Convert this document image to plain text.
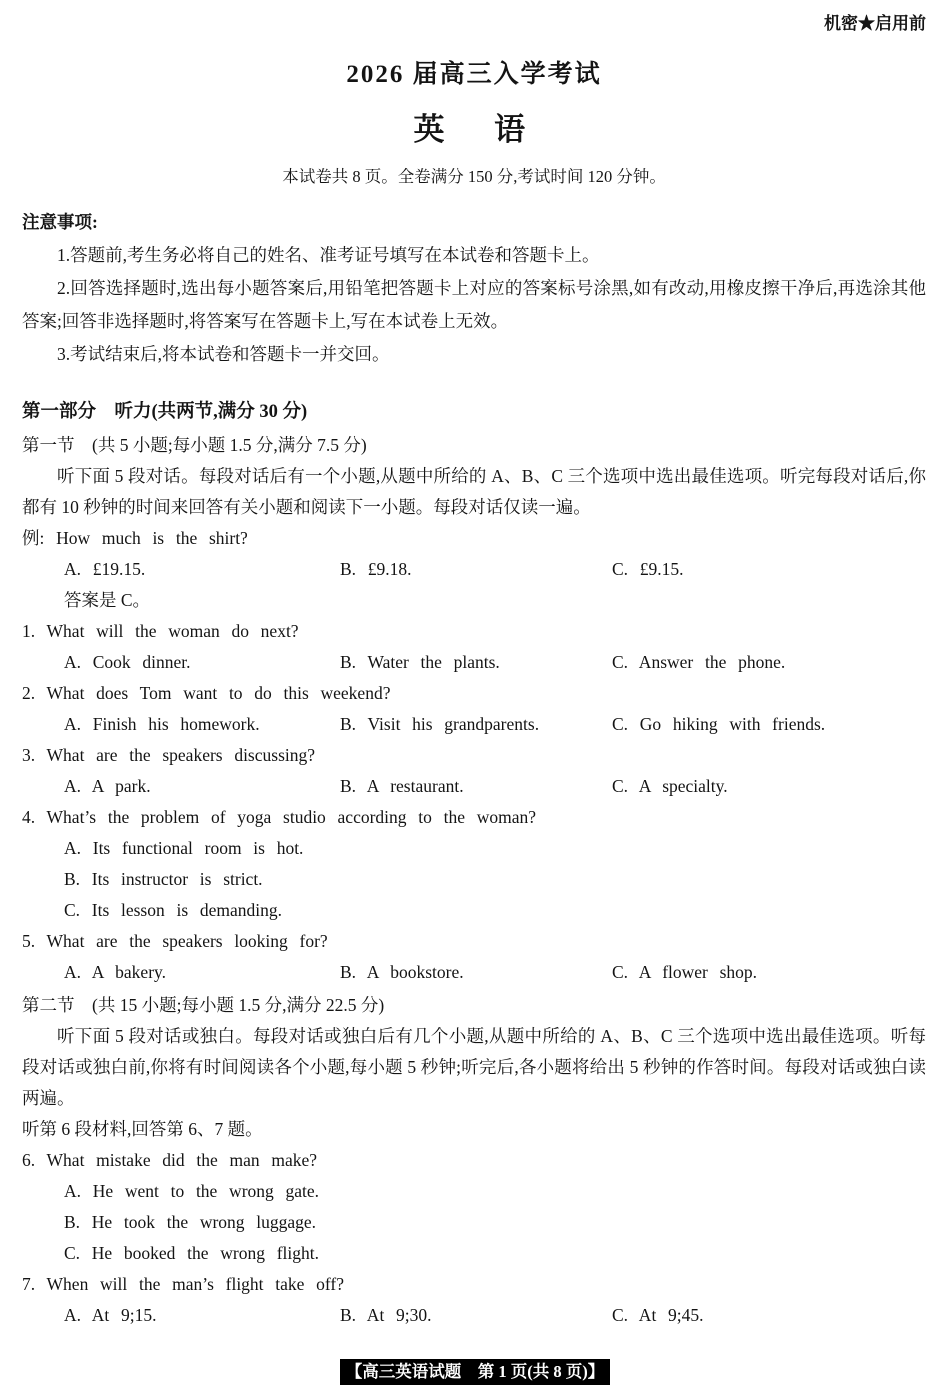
机密★启用前
2026 届高三入学考试
英　语
本试卷共 8 页。全卷满分 150 分,考试时间 120 分钟。

注意事项:

1.答题前,考生务必将自己的姓名、准考证号填写在本试卷和答题卡上。

2.回答选择题时,选出每小题答案后,用铅笔把答题卡上对应的答案标号涂黑,如有改动,用橡皮擦干净后,再选涂其他答案;回答非选择题时,将答案写在答题卡上,写在本试卷上无效。

3.考试结束后,将本试卷和答题卡一并交回。

第一部分　听力(共两节,满分 30 分)

第一节　(共 5 小题;每小题 1.5 分,满分 7.5 分)

听下面 5 段对话。每段对话后有一个小题,从题中所给的 A、B、C 三个选项中选出最佳选项。听完每段对话后,你都有 10 秒钟的时间来回答有关小题和阅读下一小题。每段对话仅读一遍。

例: How much is the shirt?

A. £19.15.	B. £9.18.	C. £9.15.

答案是 C。

1. What will the woman do next?

A. Cook dinner.	B. Water the plants.	C. Answer the phone.

2. What does Tom want to do this weekend?

A. Finish his homework.	B. Visit his grandparents.	C. Go hiking with friends.

3. What are the speakers discussing?

A. A park.	B. A restaurant.	C. A specialty.

4. What’s the problem of yoga studio according to the woman?

A. Its functional room is hot.
B. Its instructor is strict.
C. Its lesson is demanding.

5. What are the speakers looking for?

A. A bakery.	B. A bookstore.	C. A flower shop.

第二节　(共 15 小题;每小题 1.5 分,满分 22.5 分)

听下面 5 段对话或独白。每段对话或独白后有几个小题,从题中所给的 A、B、C 三个选项中选出最佳选项。听每段对话或独白前,你将有时间阅读各个小题,每小题 5 秒钟;听完后,各小题将给出 5 秒钟的作答时间。每段对话或独白读两遍。

听第 6 段材料,回答第 6、7 题。

6. What mistake did the man make?

A. He went to the wrong gate.
B. He took the wrong luggage.
C. He booked the wrong flight.

7. When will the man’s flight take off?

A. At 9;15.	B. At 9;30.	C. At 9;45.
【高三英语试题　第 1 页(共 8 页)】
